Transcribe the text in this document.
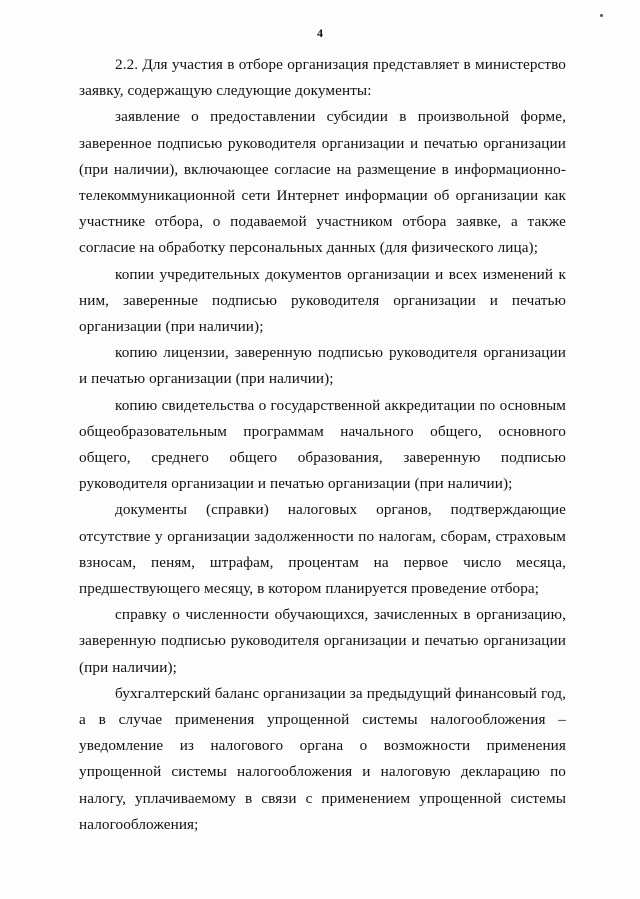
4

2.2. Для участия в отборе организация представляет в министерство заявку, содержащую следующие документы:

заявление о предоставлении субсидии в произвольной форме, заверенное подписью руководителя организации и печатью организации (при наличии), включающее согласие на размещение в информационно-телекоммуникационной сети Интернет информации об организации как участнике отбора, о подаваемой участником отбора заявке, а также согласие на обработку персональных данных (для физического лица);

копии учредительных документов организации и всех изменений к ним, заверенные подписью руководителя организации и печатью организации (при наличии);

копию лицензии, заверенную подписью руководителя организации и печатью организации (при наличии);

копию свидетельства о государственной аккредитации по основным общеобразовательным программам начального общего, основного общего, среднего общего образования, заверенную подписью руководителя организации и печатью организации (при наличии);

документы (справки) налоговых органов, подтверждающие отсутствие у организации задолженности по налогам, сборам, страховым взносам, пеням, штрафам, процентам на первое число месяца, предшествующего месяцу, в котором планируется проведение отбора;

справку о численности обучающихся, зачисленных в организацию, заверенную подписью руководителя организации и печатью организации (при наличии);

бухгалтерский баланс организации за предыдущий финансовый год, а в случае применения упрощенной системы налогообложения – уведомление из налогового органа о возможности применения упрощенной системы налогообложения и налоговую декларацию по налогу, уплачиваемому в связи с применением упрощенной системы налогообложения;
